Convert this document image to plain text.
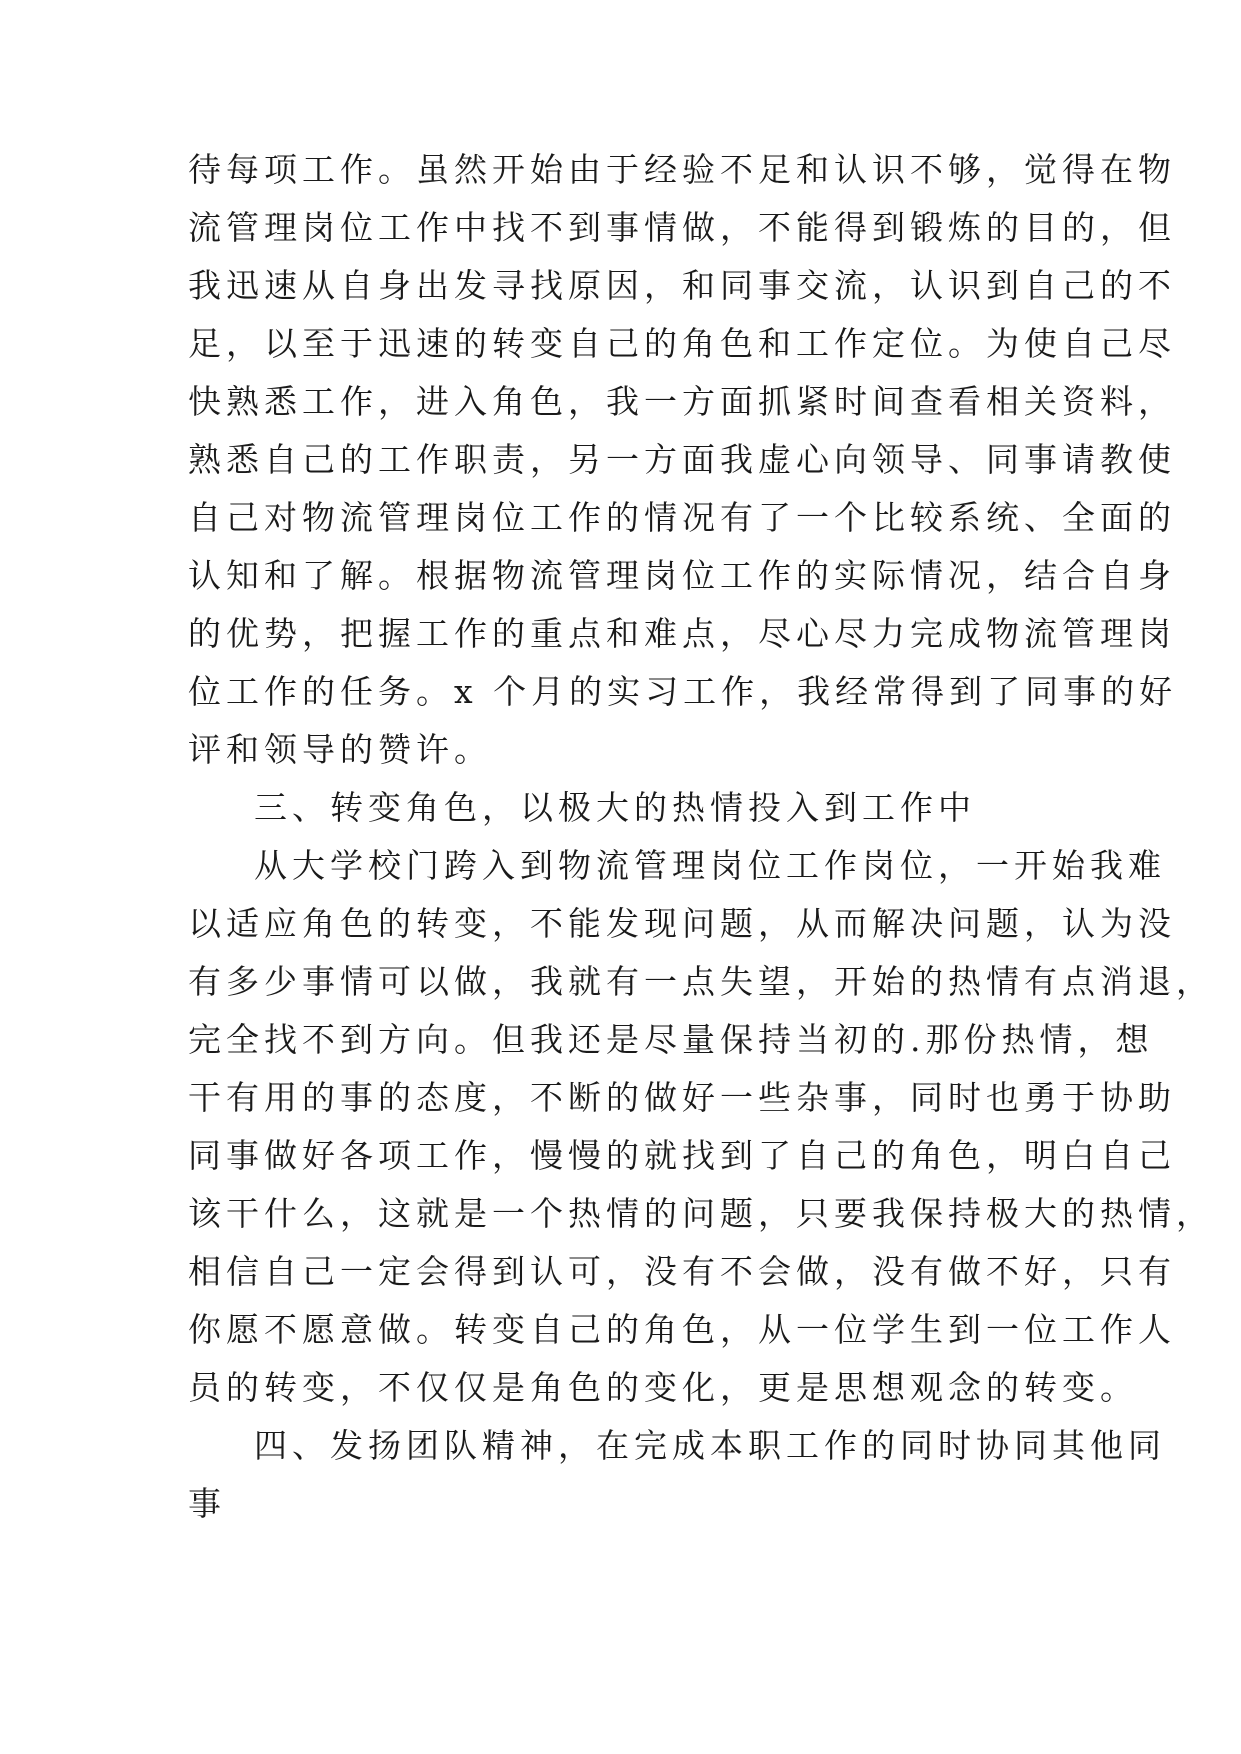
待每项工作。虽然开始由于经验不足和认识不够，觉得在物
流管理岗位工作中找不到事情做，不能得到锻炼的目的，但
我迅速从自身出发寻找原因，和同事交流，认识到自己的不
足，以至于迅速的转变自己的角色和工作定位。为使自己尽
快熟悉工作，进入角色，我一方面抓紧时间查看相关资料，
熟悉自己的工作职责，另一方面我虚心向领导、同事请教使
自己对物流管理岗位工作的情况有了一个比较系统、全面的
认知和了解。根据物流管理岗位工作的实际情况，结合自身
的优势，把握工作的重点和难点，尽心尽力完成物流管理岗
位工作的任务。x 个月的实习工作，我经常得到了同事的好
评和领导的赞许。
三、转变角色，以极大的热情投入到工作中
从大学校门跨入到物流管理岗位工作岗位，一开始我难
以适应角色的转变，不能发现问题，从而解决问题，认为没
有多少事情可以做，我就有一点失望，开始的热情有点消退，
完全找不到方向。但我还是尽量保持当初的.那份热情，想
干有用的事的态度，不断的做好一些杂事，同时也勇于协助
同事做好各项工作，慢慢的就找到了自己的角色，明白自己
该干什么，这就是一个热情的问题，只要我保持极大的热情，
相信自己一定会得到认可，没有不会做，没有做不好，只有
你愿不愿意做。转变自己的角色，从一位学生到一位工作人
员的转变，不仅仅是角色的变化，更是思想观念的转变。
四、发扬团队精神，在完成本职工作的同时协同其他同
事
